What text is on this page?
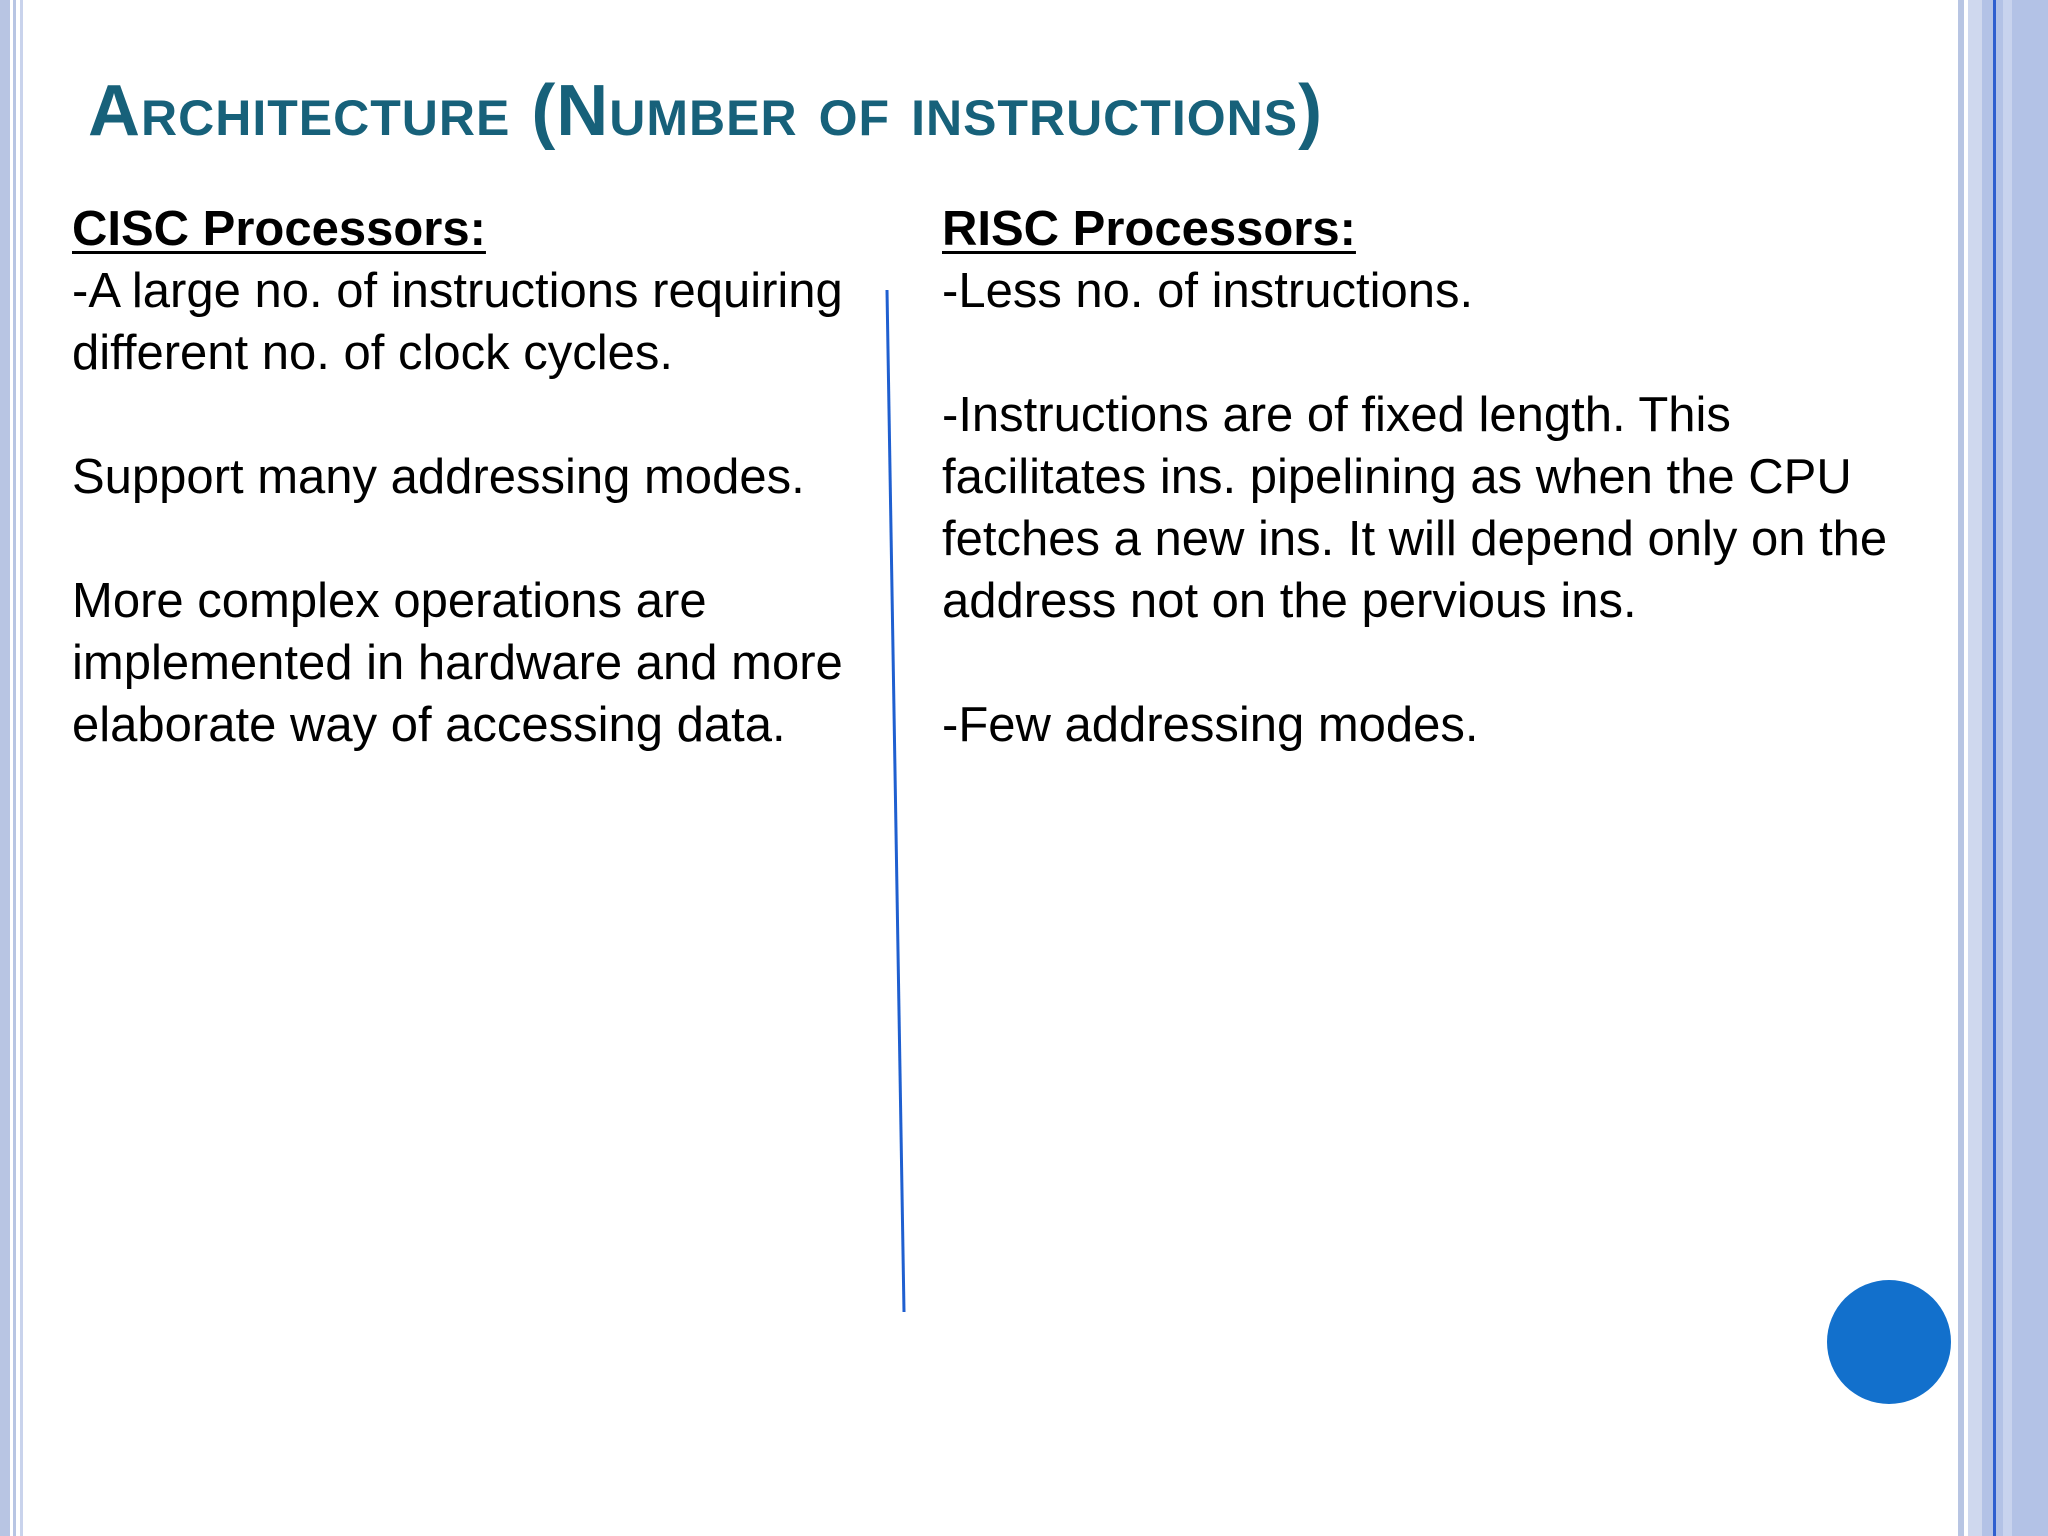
Architecture (Number of instructions)
CISC Processors:
-A large no. of instructions requiring different no. of clock cycles.
Support many addressing modes.
More complex operations are implemented in hardware and more elaborate way of accessing data.
RISC Processors:
-Less no. of instructions.
-Instructions are of fixed length. This facilitates ins. pipelining as when the CPU fetches a new ins. It will depend only on the address not on the pervious ins.
-Few addressing modes.
